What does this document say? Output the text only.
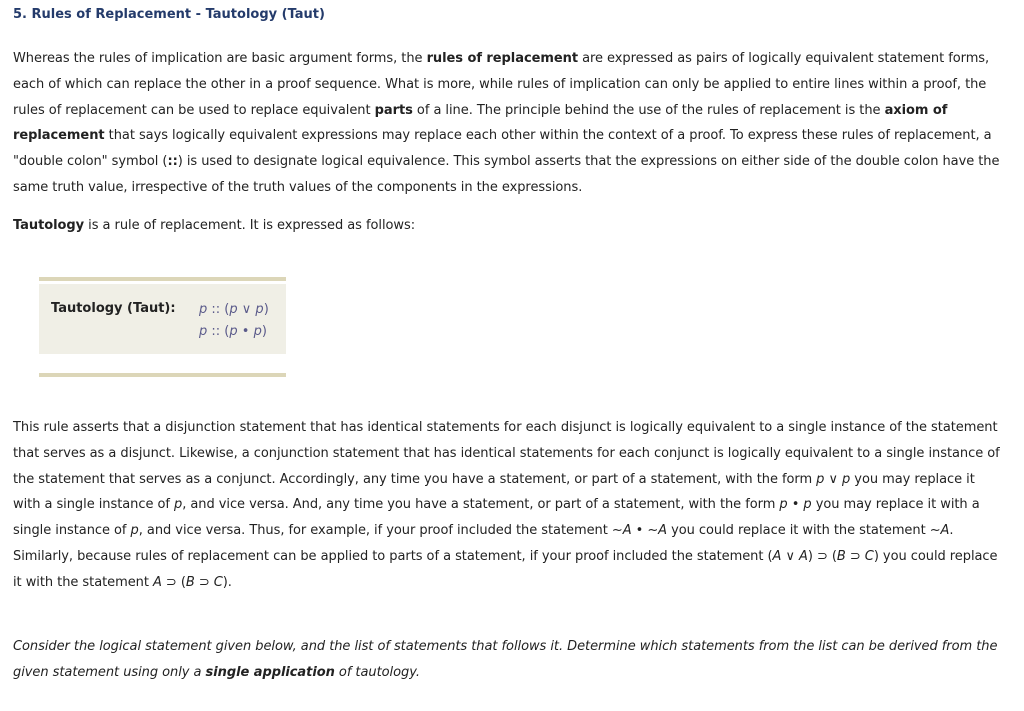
5. Rules of Replacement - Tautology (Taut)

Whereas the rules of implication are basic argument forms, the rules of replacement are expressed as pairs of logically equivalent statement forms, each of which can replace the other in a proof sequence. What is more, while rules of implication can only be applied to entire lines within a proof, the rules of replacement can be used to replace equivalent parts of a line. The principle behind the use of the rules of replacement is the axiom of replacement that says logically equivalent expressions may replace each other within the context of a proof. To express these rules of replacement, a "double colon" symbol (::) is used to designate logical equivalence. This symbol asserts that the expressions on either side of the double colon have the same truth value, irrespective of the truth values of the components in the expressions.

Tautology is a rule of replacement. It is expressed as follows:

Tautology (Taut): p :: (p ∨ p)
p :: (p • p)

This rule asserts that a disjunction statement that has identical statements for each disjunct is logically equivalent to a single instance of the statement that serves as a disjunct. Likewise, a conjunction statement that has identical statements for each conjunct is logically equivalent to a single instance of the statement that serves as a conjunct. Accordingly, any time you have a statement, or part of a statement, with the form p ∨ p you may replace it with a single instance of p, and vice versa. And, any time you have a statement, or part of a statement, with the form p • p you may replace it with a single instance of p, and vice versa. Thus, for example, if your proof included the statement ~A • ~A you could replace it with the statement ~A. Similarly, because rules of replacement can be applied to parts of a statement, if your proof included the statement (A ∨ A) ⊃ (B ⊃ C) you could replace it with the statement A ⊃ (B ⊃ C).

Consider the logical statement given below, and the list of statements that follows it. Determine which statements from the list can be derived from the given statement using only a single application of tautology.
